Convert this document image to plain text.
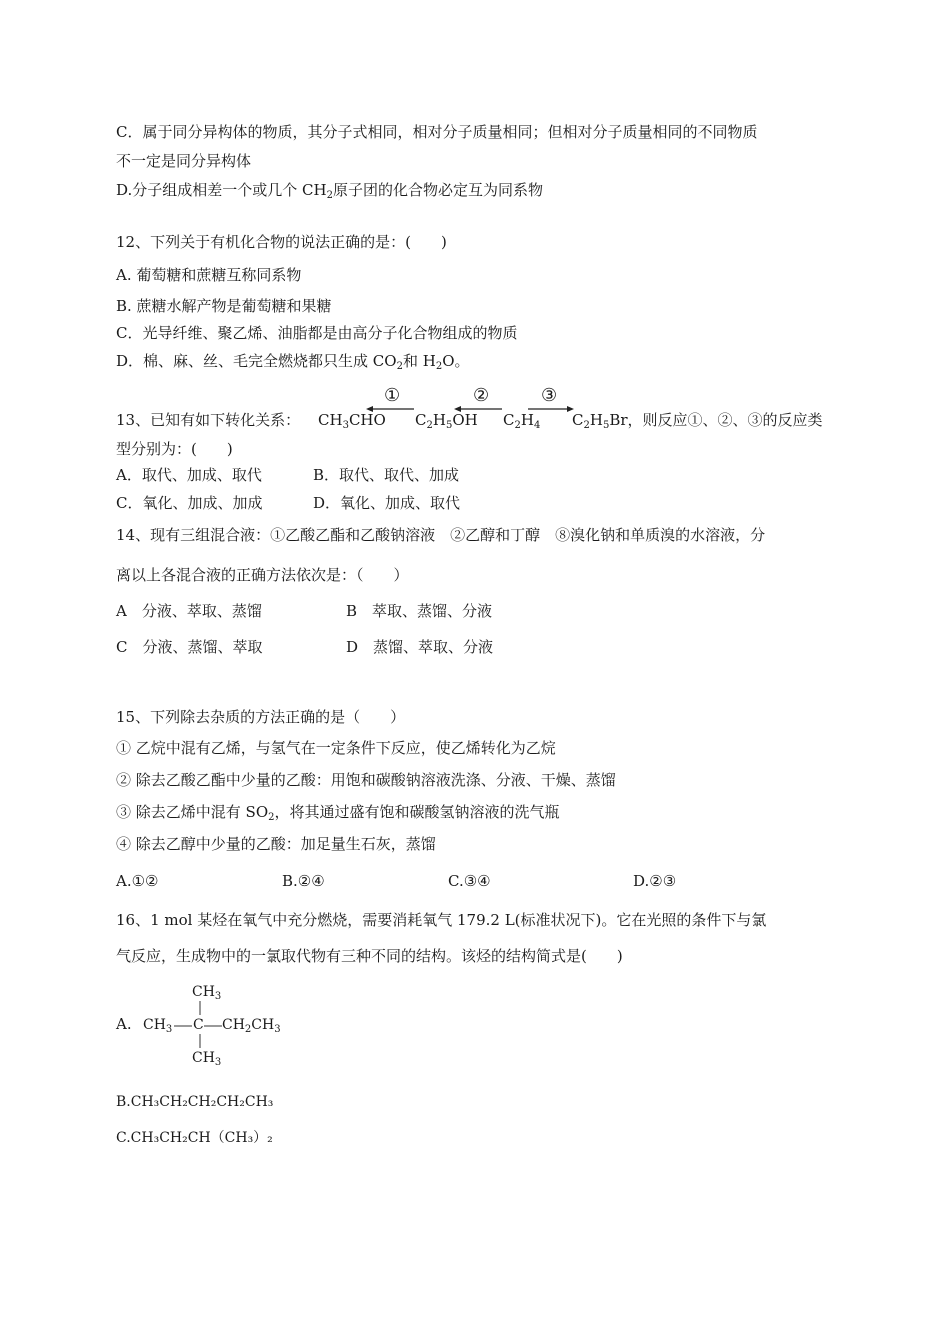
C．属于同分异构体的物质，其分子式相同，相对分子质量相同；但相对分子质量相同的不同物质
不一定是同分异构体
D.分子组成相差一个或几个 $CH_2$原子团的化合物必定互为同系物
12、下列关于有机化合物的说法正确的是：(　　)
A. 葡萄糖和蔗糖互称同系物
B. 蔗糖水解产物是葡萄糖和果糖
C．光导纤维、聚乙烯、油脂都是由高分子化合物组成的物质
D．棉、麻、丝、毛完全燃烧都只生成 $CO_2$和 $H_2O$。
13、已知有如下转化关系： $CH_3CHO$ $C_2H_5OH$ $C_2H_4$ $C_2H_5Br$，则反应①、②、③的反应类
①	②	③
型分别为：(　　)
A．取代、加成、取代	B．取代、取代、加成
C．氧化、加成、加成	D．氧化、加成、取代
14、现有三组混合液：①乙酸乙酯和乙酸钠溶液　②乙醇和丁醇　⑧溴化钠和单质溴的水溶液，分
离以上各混合液的正确方法依次是：（　　）
A　分液、萃取、蒸馏	B　萃取、蒸馏、分液
C　分液、蒸馏、萃取	D　蒸馏、萃取、分液
15、下列除去杂质的方法正确的是（　　）
① 乙烷中混有乙烯，与氢气在一定条件下反应，使乙烯转化为乙烷
② 除去乙酸乙酯中少量的乙酸：用饱和碳酸钠溶液洗涤、分液、干燥、蒸馏
③ 除去乙烯中混有 $SO_2$，将其通过盛有饱和碳酸氢钠溶液的洗气瓶
④ 除去乙醇中少量的乙酸：加足量生石灰，蒸馏
A.①②	B.②④	C.③④	D.②③
16、1 mol 某烃在氧气中充分燃烧，需要消耗氧气 179.2 L(标准状况下)。它在光照的条件下与氯
气反应，生成物中的一氯取代物有三种不同的结构。该烃的结构简式是(　　)
A.
$CH_3$
$CH_3$ C $CH_2CH_3$
$CH_3$
B.CH₃CH₂CH₂CH₂CH₃
C.CH₃CH₂CH（CH₃）₂
